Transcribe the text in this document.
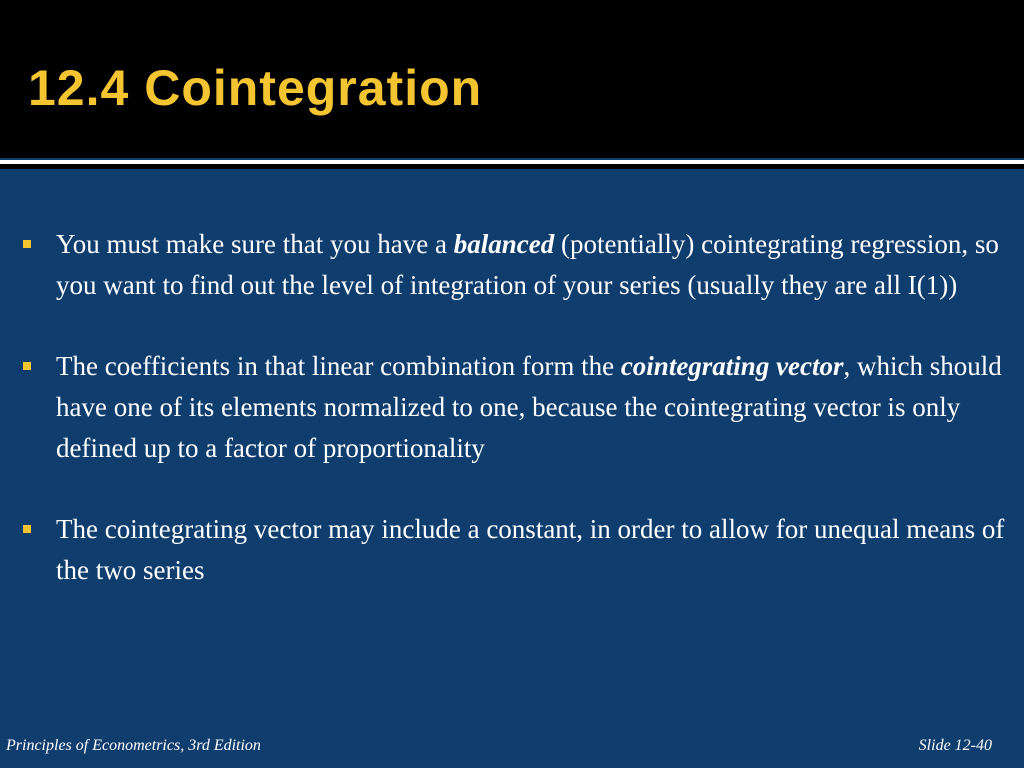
12.4 Cointegration
You must make sure that you have a balanced (potentially) cointegrating regression, so you want to find out the level of integration of your series (usually they are all I(1))
The coefficients in that linear combination form the cointegrating vector, which should have one of its elements normalized to one, because the cointegrating vector is only defined up to a factor of proportionality
The cointegrating vector may include a constant, in order to allow for unequal means of the two series
Principles of Econometrics, 3rd Edition	Slide 12-40
